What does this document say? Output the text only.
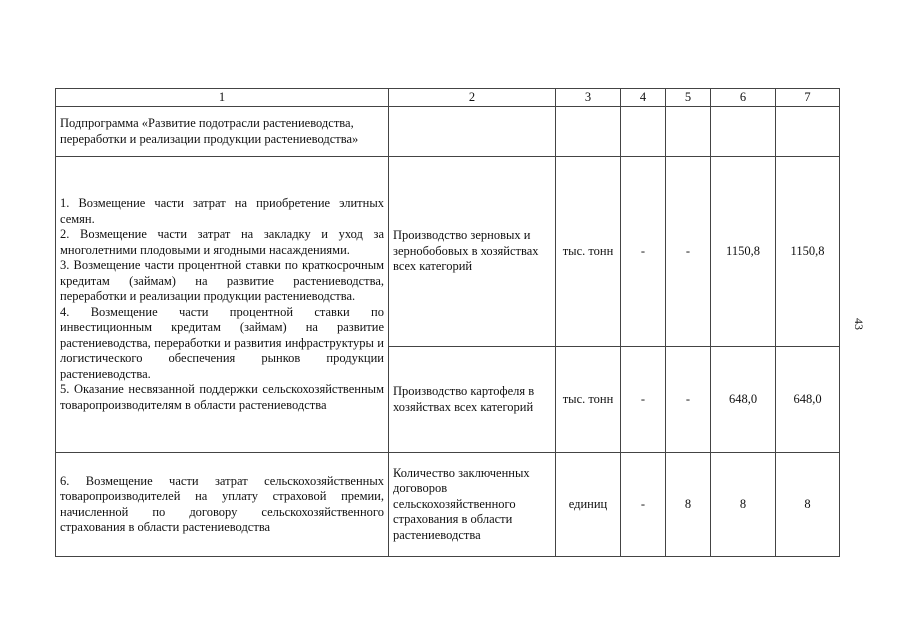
1	2	3	4	5	6	7
Подпрограмма «Развитие подотрасли растениеводства, переработки и реализации продукции растениеводства»						

1. Возмещение части затрат на приобретение элитных семян.

2. Возмещение части затрат на закладку и уход за многолетними плодовыми и ягодными насаждениями.

3. Возмещение части процентной ставки по краткосрочным кредитам (займам) на развитие растениеводства, переработки и реализации продукции растениеводства.

4. Возмещение части процентной ставки по инвестиционным кредитам (займам) на развитие растениеводства, переработки и развития инфраструктуры и логистического обеспечения рынков продукции растениеводства.

5. Оказание несвязанной поддержки сельскохозяйственным товаропроизводителям в области растениеводства	Производство зерновых и зернобобовых в хозяйствах всех категорий	тыс. тонн	-	-	1150,8	1150,8
	Производство картофеля в хозяйствах всех категорий	тыс. тонн	-	-	648,0	648,0
6. Возмещение части затрат сельскохозяйственных товаропроизводителей на уплату страховой премии, начисленной по договору сельскохозяйственного страхования в области растениеводства	Количество заключенных договоров сельскохозяйственного страхования в области растениеводства	единиц	-	8	8	8
43
